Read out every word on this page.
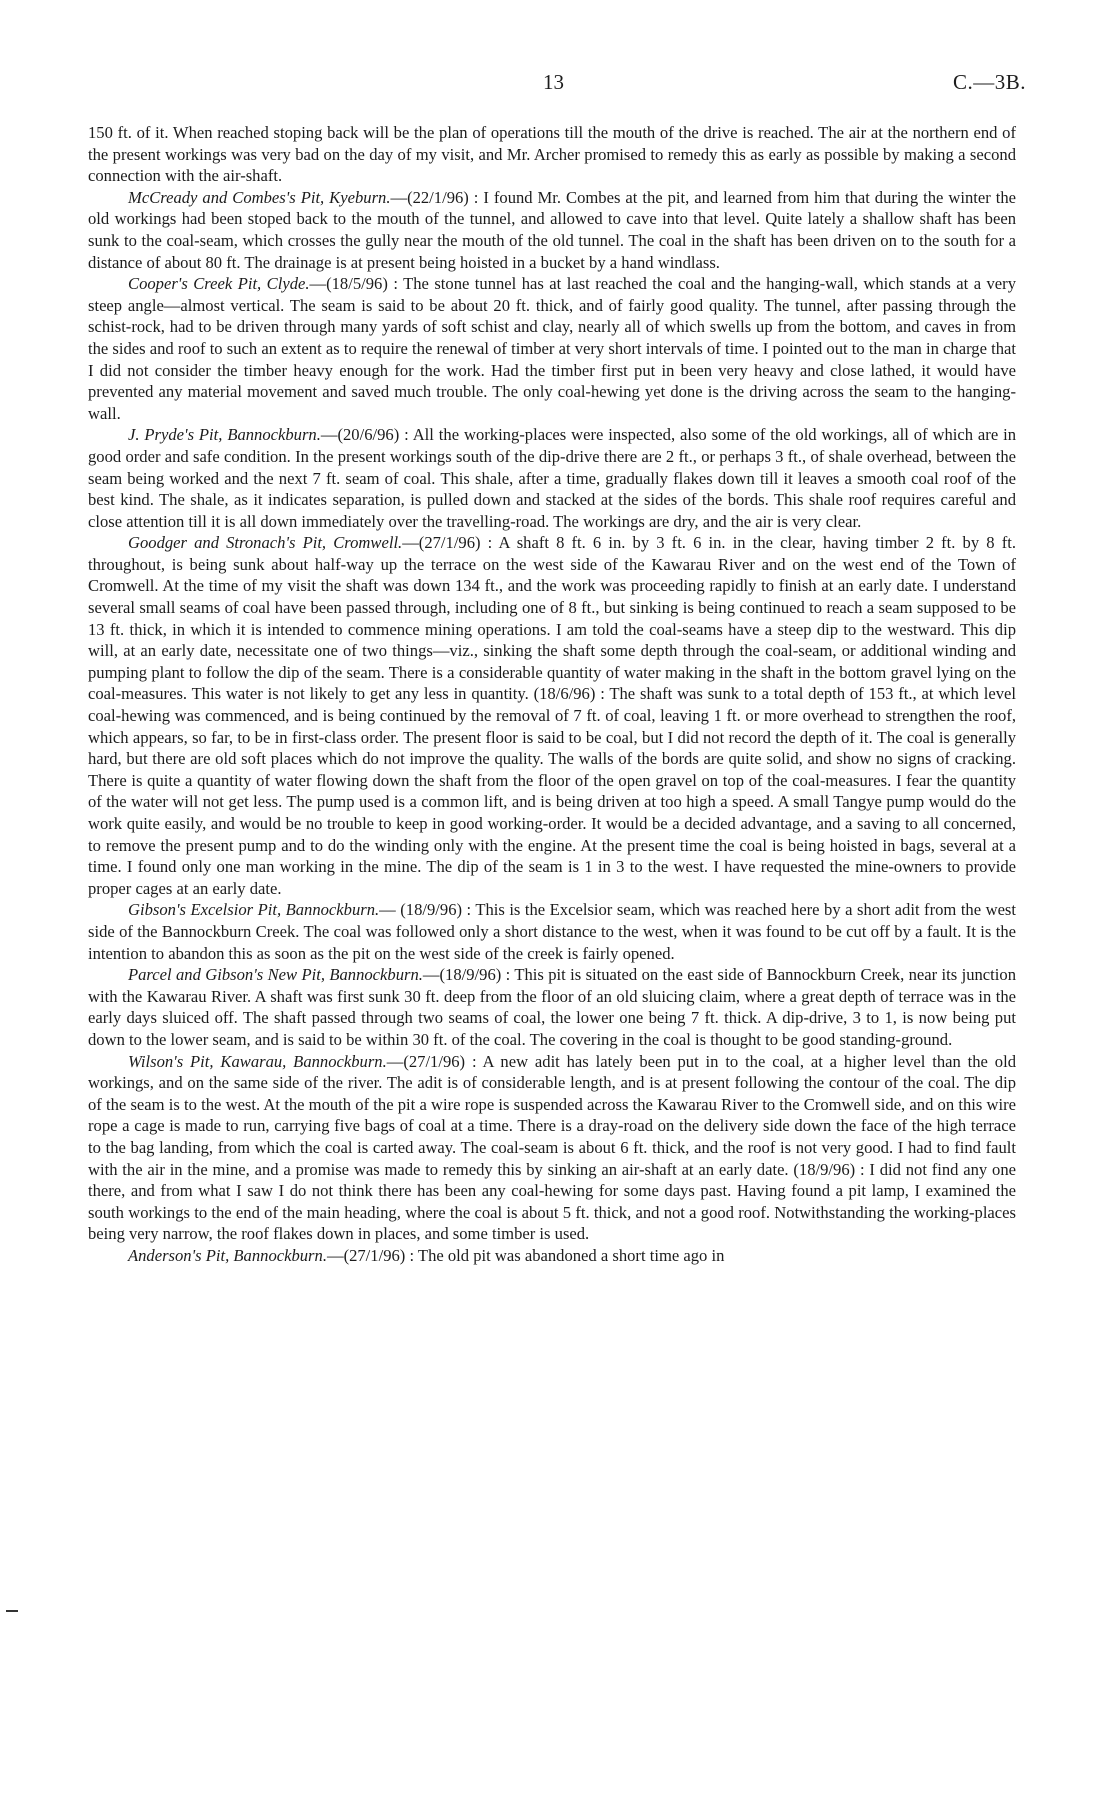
13	C.—3B.

150 ft. of it. When reached stoping back will be the plan of operations till the mouth of the drive is reached. The air at the northern end of the present workings was very bad on the day of my visit, and Mr. Archer promised to remedy this as early as possible by making a second connection with the air-shaft.

McCready and Combes's Pit, Kyeburn.—(22/1/96) : I found Mr. Combes at the pit, and learned from him that during the winter the old workings had been stoped back to the mouth of the tunnel, and allowed to cave into that level. Quite lately a shallow shaft has been sunk to the coal-seam, which crosses the gully near the mouth of the old tunnel. The coal in the shaft has been driven on to the south for a distance of about 80 ft. The drainage is at present being hoisted in a bucket by a hand windlass.

Cooper's Creek Pit, Clyde.—(18/5/96) : The stone tunnel has at last reached the coal and the hanging-wall, which stands at a very steep angle—almost vertical. The seam is said to be about 20 ft. thick, and of fairly good quality. The tunnel, after passing through the schist-rock, had to be driven through many yards of soft schist and clay, nearly all of which swells up from the bottom, and caves in from the sides and roof to such an extent as to require the renewal of timber at very short intervals of time. I pointed out to the man in charge that I did not consider the timber heavy enough for the work. Had the timber first put in been very heavy and close lathed, it would have prevented any material movement and saved much trouble. The only coal-hewing yet done is the driving across the seam to the hanging-wall.

J. Pryde's Pit, Bannockburn.—(20/6/96) : All the working-places were inspected, also some of the old workings, all of which are in good order and safe condition. In the present workings south of the dip-drive there are 2 ft., or perhaps 3 ft., of shale overhead, between the seam being worked and the next 7 ft. seam of coal. This shale, after a time, gradually flakes down till it leaves a smooth coal roof of the best kind. The shale, as it indicates separation, is pulled down and stacked at the sides of the bords. This shale roof requires careful and close attention till it is all down immediately over the travelling-road. The workings are dry, and the air is very clear.

Goodger and Stronach's Pit, Cromwell.—(27/1/96) : A shaft 8 ft. 6 in. by 3 ft. 6 in. in the clear, having timber 2 ft. by 8 ft. throughout, is being sunk about half-way up the terrace on the west side of the Kawarau River and on the west end of the Town of Cromwell. At the time of my visit the shaft was down 134 ft., and the work was proceeding rapidly to finish at an early date. I understand several small seams of coal have been passed through, including one of 8 ft., but sinking is being continued to reach a seam supposed to be 13 ft. thick, in which it is intended to commence mining operations. I am told the coal-seams have a steep dip to the westward. This dip will, at an early date, necessitate one of two things—viz., sinking the shaft some depth through the coal-seam, or additional winding and pumping plant to follow the dip of the seam. There is a considerable quantity of water making in the shaft in the bottom gravel lying on the coal-measures. This water is not likely to get any less in quantity. (18/6/96) : The shaft was sunk to a total depth of 153 ft., at which level coal-hewing was commenced, and is being continued by the removal of 7 ft. of coal, leaving 1 ft. or more overhead to strengthen the roof, which appears, so far, to be in first-class order. The present floor is said to be coal, but I did not record the depth of it. The coal is generally hard, but there are old soft places which do not improve the quality. The walls of the bords are quite solid, and show no signs of cracking. There is quite a quantity of water flowing down the shaft from the floor of the open gravel on top of the coal-measures. I fear the quantity of the water will not get less. The pump used is a common lift, and is being driven at too high a speed. A small Tangye pump would do the work quite easily, and would be no trouble to keep in good working-order. It would be a decided advantage, and a saving to all concerned, to remove the present pump and to do the winding only with the engine. At the present time the coal is being hoisted in bags, several at a time. I found only one man working in the mine. The dip of the seam is 1 in 3 to the west. I have requested the mine-owners to provide proper cages at an early date.

Gibson's Excelsior Pit, Bannockburn.— (18/9/96) : This is the Excelsior seam, which was reached here by a short adit from the west side of the Bannockburn Creek. The coal was followed only a short distance to the west, when it was found to be cut off by a fault. It is the intention to abandon this as soon as the pit on the west side of the creek is fairly opened.

Parcel and Gibson's New Pit, Bannockburn.—(18/9/96) : This pit is situated on the east side of Bannockburn Creek, near its junction with the Kawarau River. A shaft was first sunk 30 ft. deep from the floor of an old sluicing claim, where a great depth of terrace was in the early days sluiced off. The shaft passed through two seams of coal, the lower one being 7 ft. thick. A dip-drive, 3 to 1, is now being put down to the lower seam, and is said to be within 30 ft. of the coal. The covering in the coal is thought to be good standing-ground.

Wilson's Pit, Kawarau, Bannockburn.—(27/1/96) : A new adit has lately been put in to the coal, at a higher level than the old workings, and on the same side of the river. The adit is of considerable length, and is at present following the contour of the coal. The dip of the seam is to the west. At the mouth of the pit a wire rope is suspended across the Kawarau River to the Cromwell side, and on this wire rope a cage is made to run, carrying five bags of coal at a time. There is a dray-road on the delivery side down the face of the high terrace to the bag landing, from which the coal is carted away. The coal-seam is about 6 ft. thick, and the roof is not very good. I had to find fault with the air in the mine, and a promise was made to remedy this by sinking an air-shaft at an early date. (18/9/96) : I did not find any one there, and from what I saw I do not think there has been any coal-hewing for some days past. Having found a pit lamp, I examined the south workings to the end of the main heading, where the coal is about 5 ft. thick, and not a good roof. Notwithstanding the working-places being very narrow, the roof flakes down in places, and some timber is used.

Anderson's Pit, Bannockburn.—(27/1/96) : The old pit was abandoned a short time ago in
